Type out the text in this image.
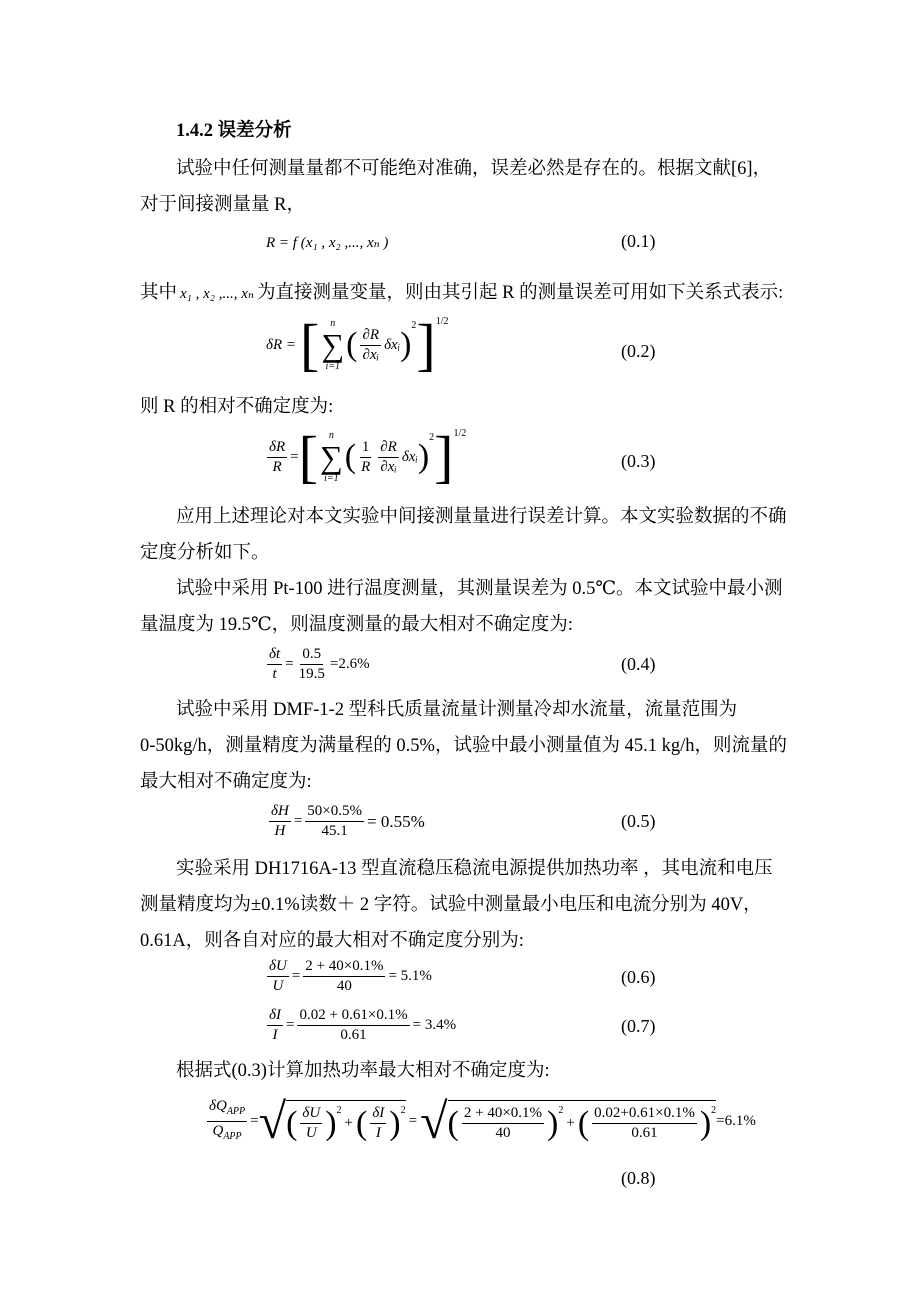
1.4.2 误差分析
试验中任何测量量都不可能绝对准确，误差必然是存在的。根据文献[6]，
对于间接测量量 R，
R = f (x₁ , x₂ ,..., xₙ )	(0.1)
其中 x₁ , x₂ ,..., xₙ 为直接测量变量，则由其引起 R 的测量误差可用如下关系式表示:
δR = [ n
∑
i=1
( $\frac{\partial R}{\text{∂xᵢ}}$ δxᵢ )
$^2$ ]$^{1/2}$
(0.2)
则 R 的相对不确定度为:
$\frac{\delta R}{R}$ = [ n
∑
i=1
( $\frac{1}{R} \frac{\partial R}{\text{∂xᵢ}}$ δxᵢ )
$^2$ ]$^{1/2}$
(0.3)
应用上述理论对本文实验中间接测量量进行误差计算。本文实验数据的不确
定度分析如下。
试验中采用 Pt-100 进行温度测量，其测量误差为 0.5℃。本文试验中最小测
量温度为 19.5℃，则温度测量的最大相对不确定度为:
$\frac{\delta t}{t} = \frac{0.5}{19.5} =2.6\%$	(0.4)
试验中采用 DMF-1-2 型科氏质量流量计测量冷却水流量，流量范围为
0-50kg/h，测量精度为满量程的 0.5%，试验中最小测量值为 45.1 kg/h，则流量的
最大相对不确定度为:
$\frac{\delta H}{H} = \frac{50\times 0.5\%}{45.1} = 0.55\%$	(0.5)
实验采用 DH1716A-13 型直流稳压稳流电源提供加热功率 ，其电流和电压
测量精度均为±0.1%读数＋ 2 字符。试验中测量最小电压和电流分别为 40V，
0.61A，则各自对应的最大相对不确定度分别为:
$\frac{\delta U}{U} = \frac{2 + 40\times 0.1\%}{40} = 5.1\%$	(0.6)
$\frac{\delta I}{I} = \frac{0.02 + 0.61\times 0.1\%}{0.61} = 3.4\%$	(0.7)
根据式(0.3)计算加热功率最大相对不确定度为:
$\frac{\delta Q_{APP}}{Q_{APP}}$ = √ ( $\frac{\delta U}{U} )^2$
+ ( $\frac{\delta I}{I} )^2$
= √ ( $\frac{2 + 40\times 0.1\%}{40} )^2$
+ ( $\frac{0.02+0.61\times 0.1\%}{0.61} )^2$
=6.1%
(0.8)
